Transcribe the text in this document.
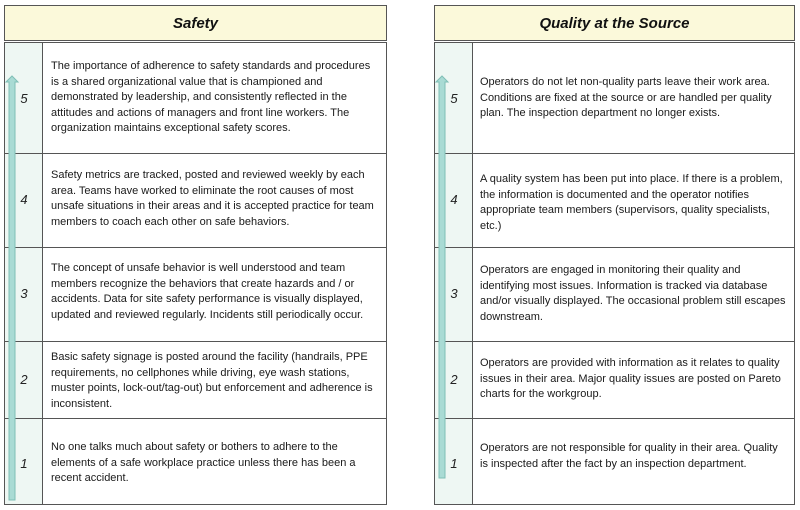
Safety
5
The importance of adherence to safety standards and procedures is a shared organizational value that is championed and demonstrated by leadership, and consistently reflected in the attitudes and actions of managers and front line workers. The organization maintains exceptional safety scores.
4
Safety metrics are tracked, posted and reviewed weekly by each area. Teams have worked to eliminate the root causes of most unsafe situations in their areas and it is accepted practice for team members to coach each other on safe behaviors.
3
The concept of unsafe behavior is well understood and team members recognize the behaviors that create hazards and / or accidents. Data for site safety performance is visually displayed, updated and reviewed regularly. Incidents still periodically occur.
2
Basic safety signage is posted around the facility (handrails, PPE requirements, no cellphones while driving, eye wash stations, muster points, lock-out/tag-out) but enforcement and adherence is inconsistent.
1
No one talks much about safety or bothers to adhere to the elements of a safe workplace practice unless there has been a recent accident.
Quality at the Source
5
Operators do not let non-quality parts leave their work area. Conditions are fixed at the source or are handled per quality plan. The inspection department no longer exists.
4
A quality system has been put into place. If there is a problem, the information is documented and the operator notifies appropriate team members (supervisors, quality specialists, etc.)
3
Operators are engaged in monitoring their quality and identifying most issues. Information is tracked via database and/or visually displayed. The occasional problem still escapes downstream.
2
Operators are provided with information as it relates to quality issues in their area. Major quality issues are posted on Pareto charts for the workgroup.
1
Operators are not responsible for quality in their area. Quality is inspected after the fact by an inspection department.
